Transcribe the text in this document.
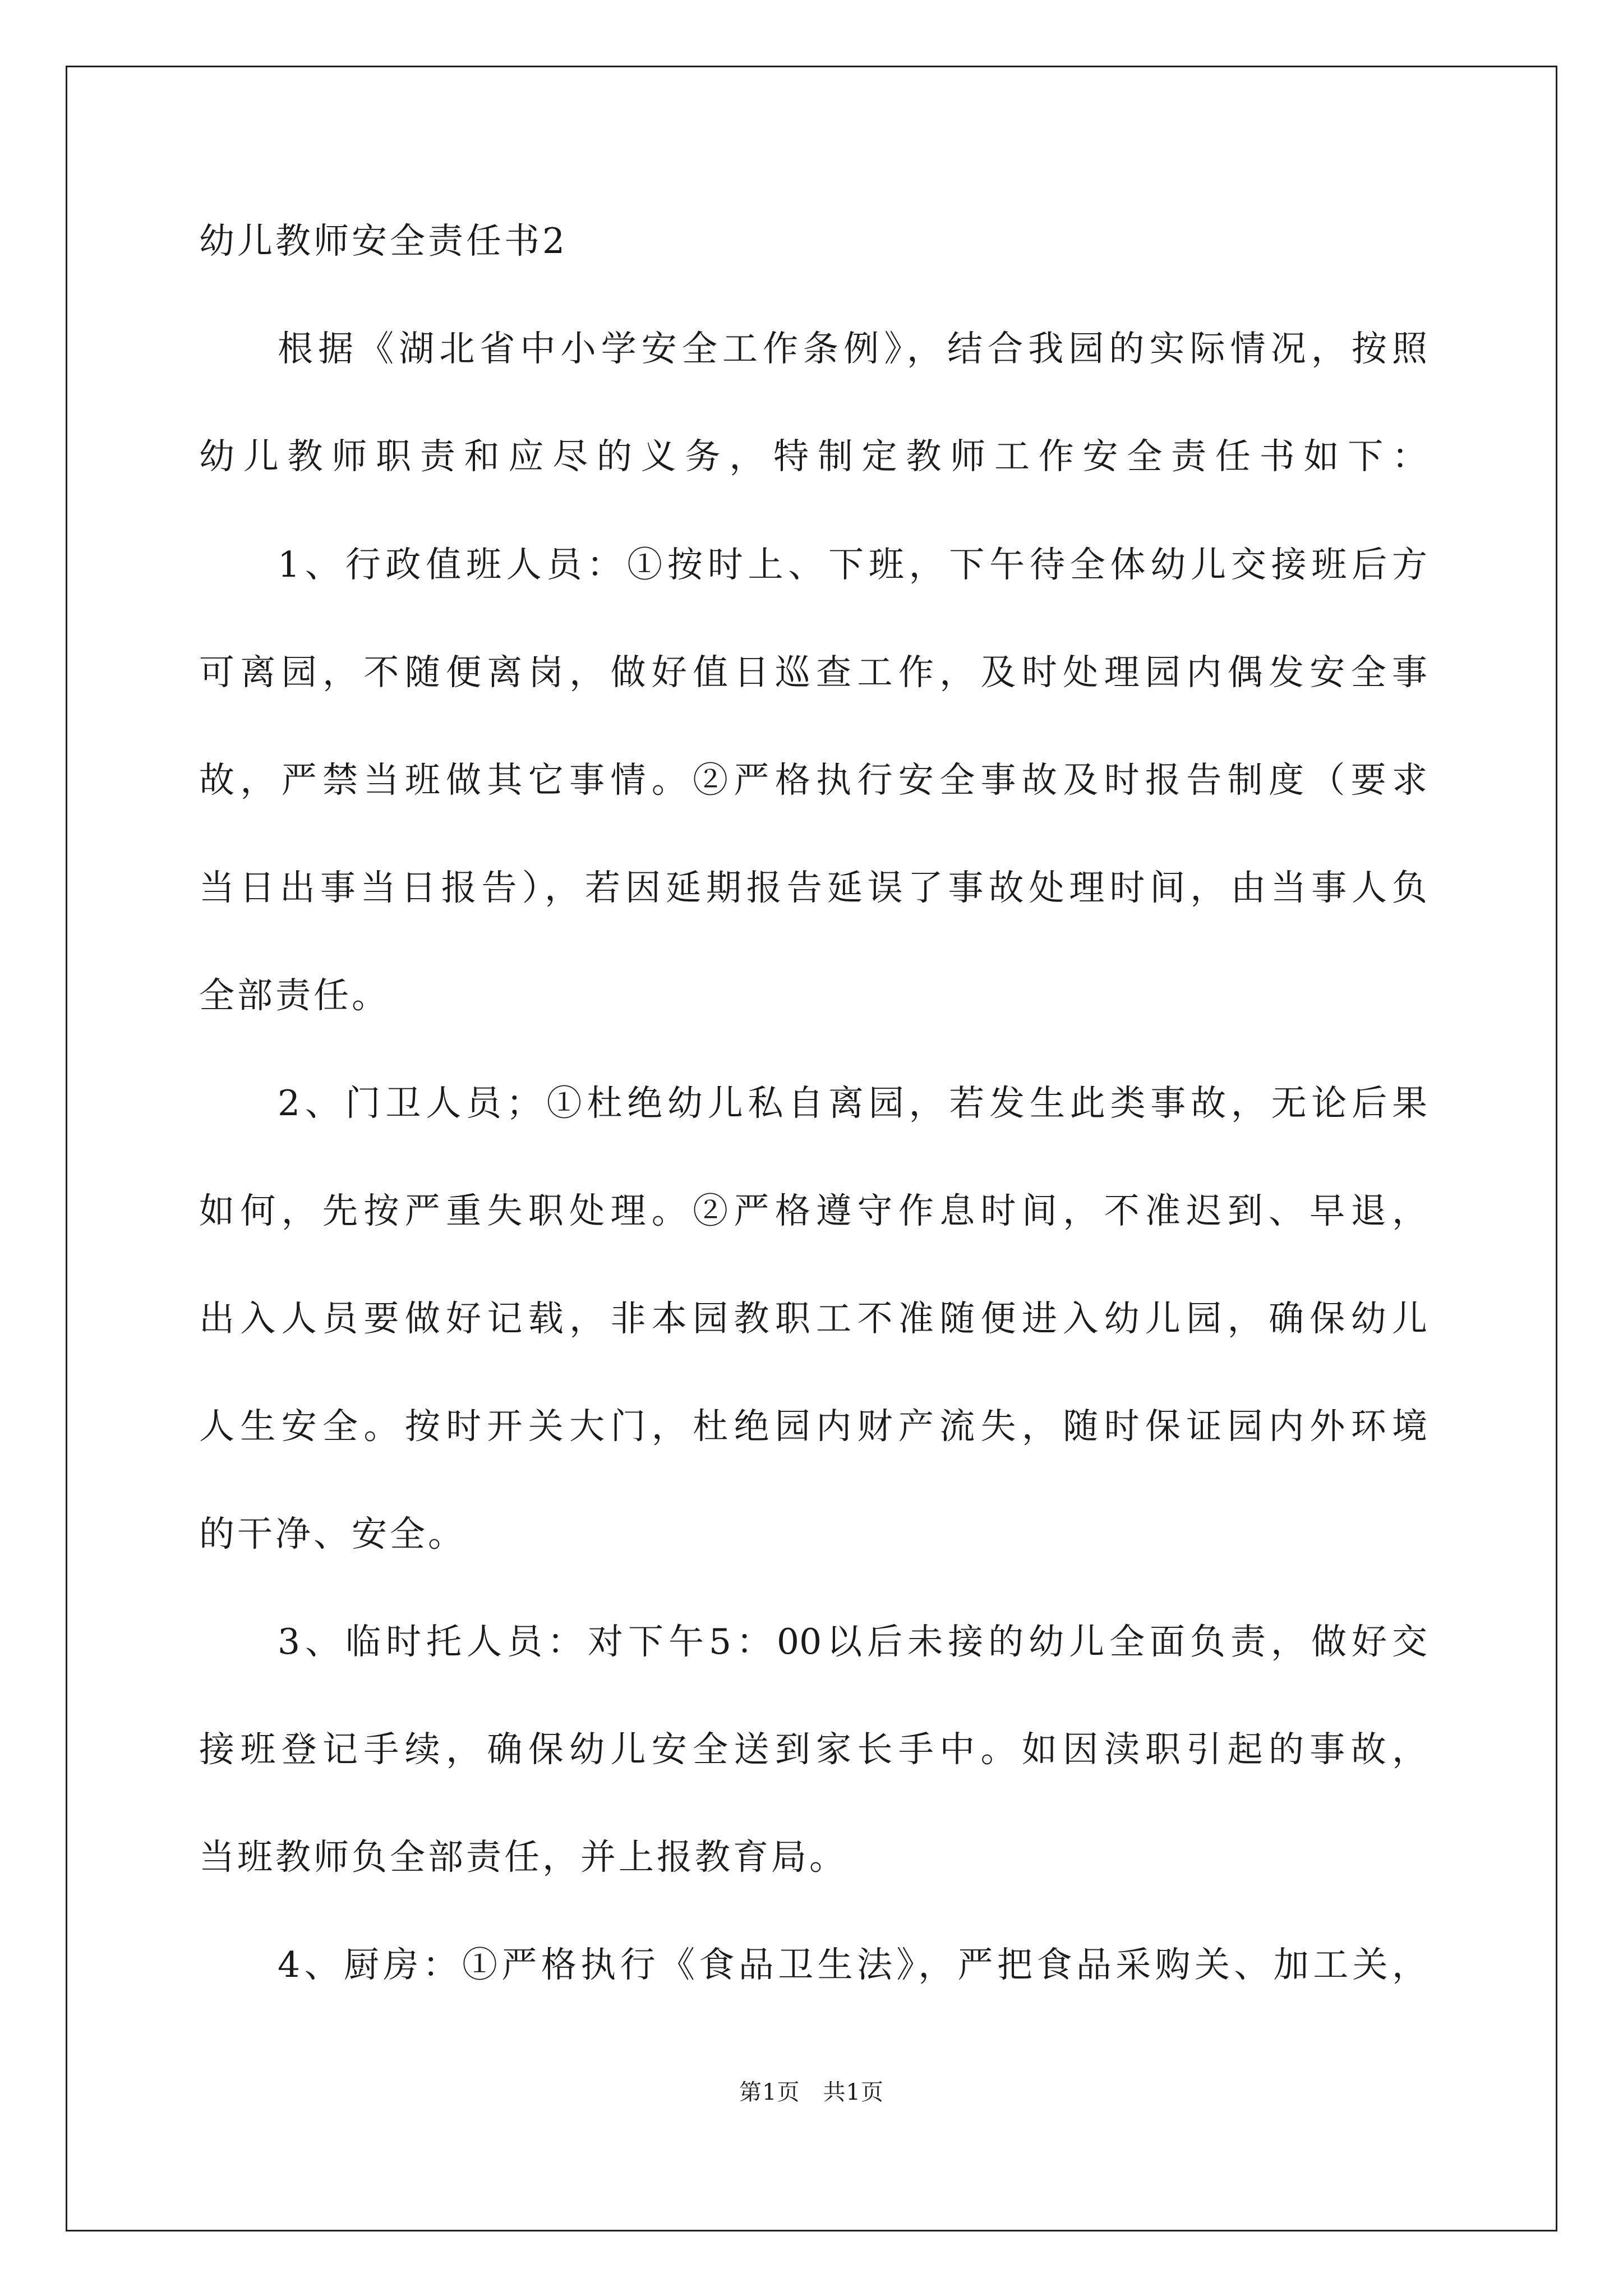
幼儿教师安全责任书2
根据《湖北省中小学安全工作条例》，结合我园的实际情况，按照
幼儿教师职责和应尽的义务，特制定教师工作安全责任书如下：
1、行政值班人员：①按时上、下班，下午待全体幼儿交接班后方
可离园，不随便离岗，做好值日巡查工作，及时处理园内偶发安全事
故，严禁当班做其它事情。②严格执行安全事故及时报告制度（要求
当日出事当日报告），若因延期报告延误了事故处理时间，由当事人负
全部责任。
2、门卫人员；①杜绝幼儿私自离园，若发生此类事故，无论后果
如何，先按严重失职处理。②严格遵守作息时间，不准迟到、早退，
出入人员要做好记载，非本园教职工不准随便进入幼儿园，确保幼儿
人生安全。按时开关大门，杜绝园内财产流失，随时保证园内外环境
的干净、安全。
3、临时托人员：对下午5：00以后未接的幼儿全面负责，做好交
接班登记手续，确保幼儿安全送到家长手中。如因渎职引起的事故，
当班教师负全部责任，并上报教育局。
4、厨房：①严格执行《食品卫生法》，严把食品采购关、加工关，
第1页　共1页
